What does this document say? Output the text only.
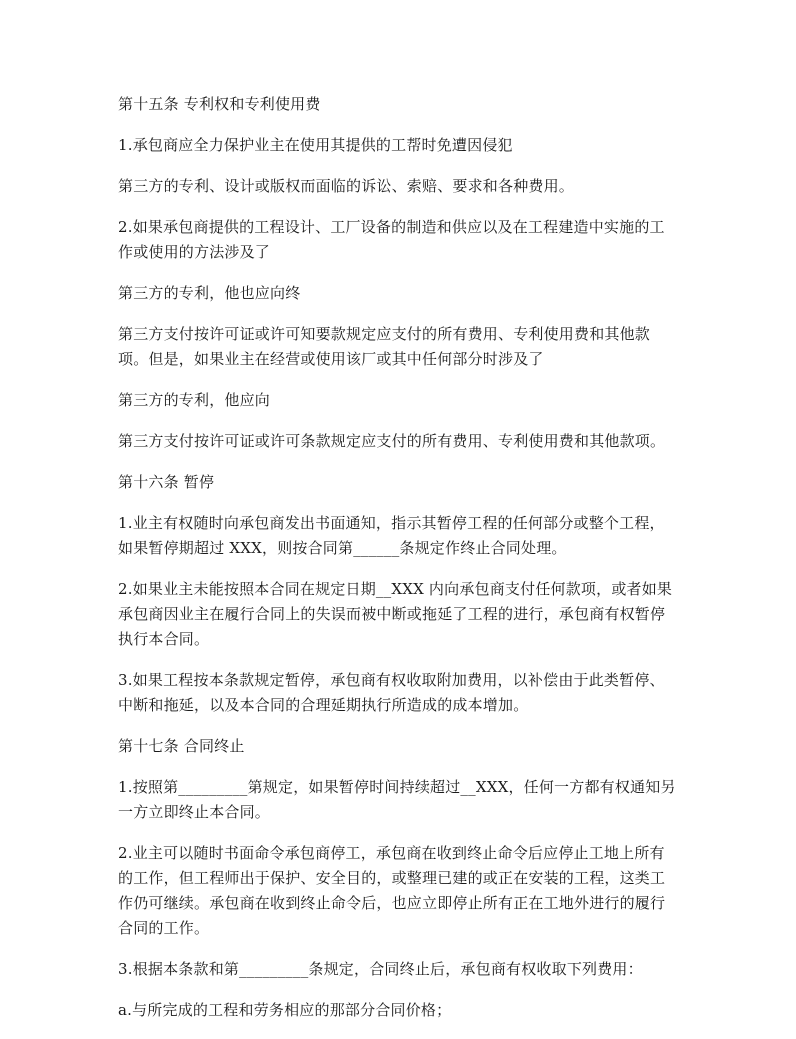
第十五条 专利权和专利使用费

1.承包商应全力保护业主在使用其提供的工帮时免遭因侵犯

第三方的专利、设计或版权而面临的诉讼、索赔、要求和各种费用。

2.如果承包商提供的工程设计、工厂设备的制造和供应以及在工程建造中实施的工作或使用的方法涉及了

第三方的专利，他也应向终

第三方支付按许可证或许可知要款规定应支付的所有费用、专利使用费和其他款项。但是，如果业主在经营或使用该厂或其中任何部分时涉及了

第三方的专利，他应向

第三方支付按许可证或许可条款规定应支付的所有费用、专利使用费和其他款项。

第十六条 暂停

1.业主有权随时向承包商发出书面通知，指示其暂停工程的任何部分或整个工程，如果暂停期超过 XXX，则按合同第______条规定作终止合同处理。

2.如果业主未能按照本合同在规定日期__XXX 内向承包商支付任何款项，或者如果承包商因业主在履行合同上的失误而被中断或拖延了工程的进行，承包商有权暂停执行本合同。

3.如果工程按本条款规定暂停，承包商有权收取附加费用，以补偿由于此类暂停、中断和拖延，以及本合同的合理延期执行所造成的成本增加。

第十七条 合同终止

1.按照第_________第规定，如果暂停时间持续超过__XXX，任何一方都有权通知另一方立即终止本合同。

2.业主可以随时书面命令承包商停工，承包商在收到终止命令后应停止工地上所有的工作，但工程师出于保护、安全目的，或整理已建的或正在安装的工程，这类工作仍可继续。承包商在收到终止命令后，也应立即停止所有正在工地外进行的履行合同的工作。

3.根据本条款和第_________条规定，合同终止后，承包商有权收取下列费用：

a.与所完成的工程和劳务相应的那部分合同价格；
